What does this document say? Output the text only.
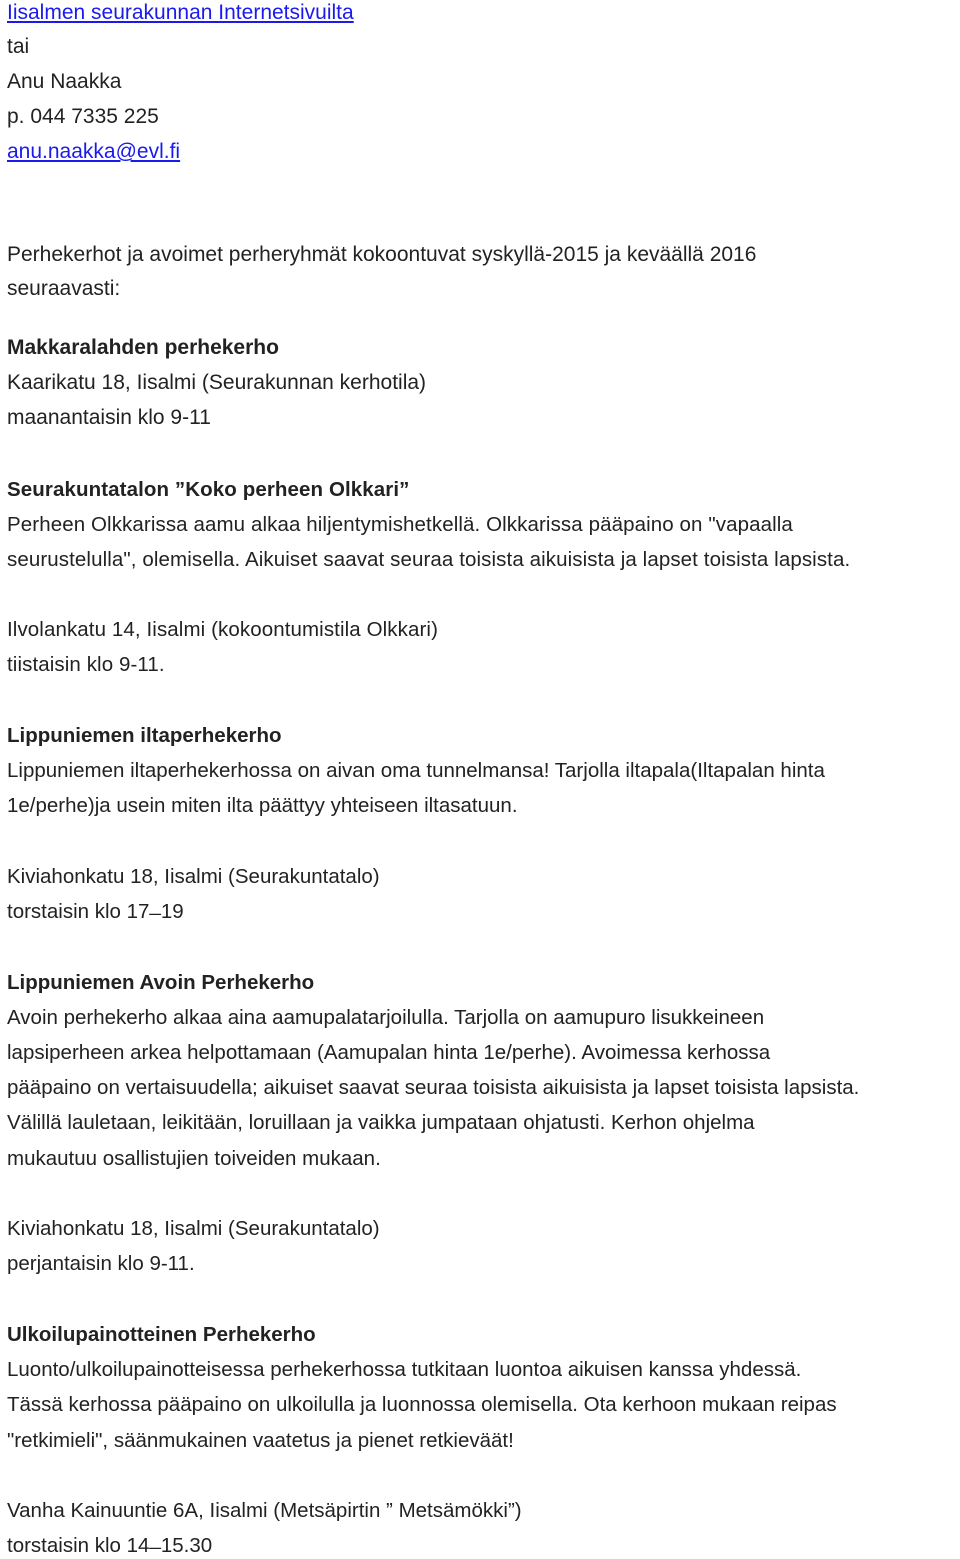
Iisalmen seurakunnan Internetsivuilta
tai
Anu Naakka
p. 044 7335 225
anu.naakka@evl.fi
Perhekerhot ja avoimet perheryhmät kokoontuvat syskyllä-2015 ja keväällä 2016
seuraavasti:
Makkaralahden perhekerho
Kaarikatu 18, Iisalmi (Seurakunnan kerhotila)
maanantaisin klo 9-11
Seurakuntatalon ”Koko perheen Olkkari”
Perheen Olkkarissa aamu alkaa hiljentymishetkellä. Olkkarissa pääpaino on "vapaalla
seurustelulla", olemisella. Aikuiset saavat seuraa toisista aikuisista ja lapset toisista lapsista.
Ilvolankatu 14, Iisalmi (kokoontumistila Olkkari)
tiistaisin klo 9-11.
Lippuniemen iltaperhekerho
Lippuniemen iltaperhekerhossa on aivan oma tunnelmansa! Tarjolla iltapala(Iltapalan hinta
1e/perhe)ja usein miten ilta päättyy yhteiseen iltasatuun.
Kiviahonkatu 18, Iisalmi (Seurakuntatalo)
torstaisin klo 17 ̶ 19
Lippuniemen Avoin Perhekerho
Avoin perhekerho alkaa aina aamupalatarjoilulla. Tarjolla on aamupuro lisukkeineen
lapsiperheen arkea helpottamaan (Aamupalan hinta 1e/perhe). Avoimessa kerhossa
pääpaino on vertaisuudella; aikuiset saavat seuraa toisista aikuisista ja lapset toisista lapsista.
Välillä lauletaan, leikitään, loruillaan ja vaikka jumpataan ohjatusti. Kerhon ohjelma
mukautuu osallistujien toiveiden mukaan.
Kiviahonkatu 18, Iisalmi (Seurakuntatalo)
perjantaisin klo 9-11.
Ulkoilupainotteinen Perhekerho
Luonto/ulkoilupainotteisessa perhekerhossa tutkitaan luontoa aikuisen kanssa yhdessä.
Tässä kerhossa pääpaino on ulkoilulla ja luonnossa olemisella. Ota kerhoon mukaan reipas
"retkimieli", säänmukainen vaatetus ja pienet retkieväät!
Vanha Kainuuntie 6A, Iisalmi (Metsäpirtin ” Metsämökki”)
torstaisin klo 14 ̶ 15.30
